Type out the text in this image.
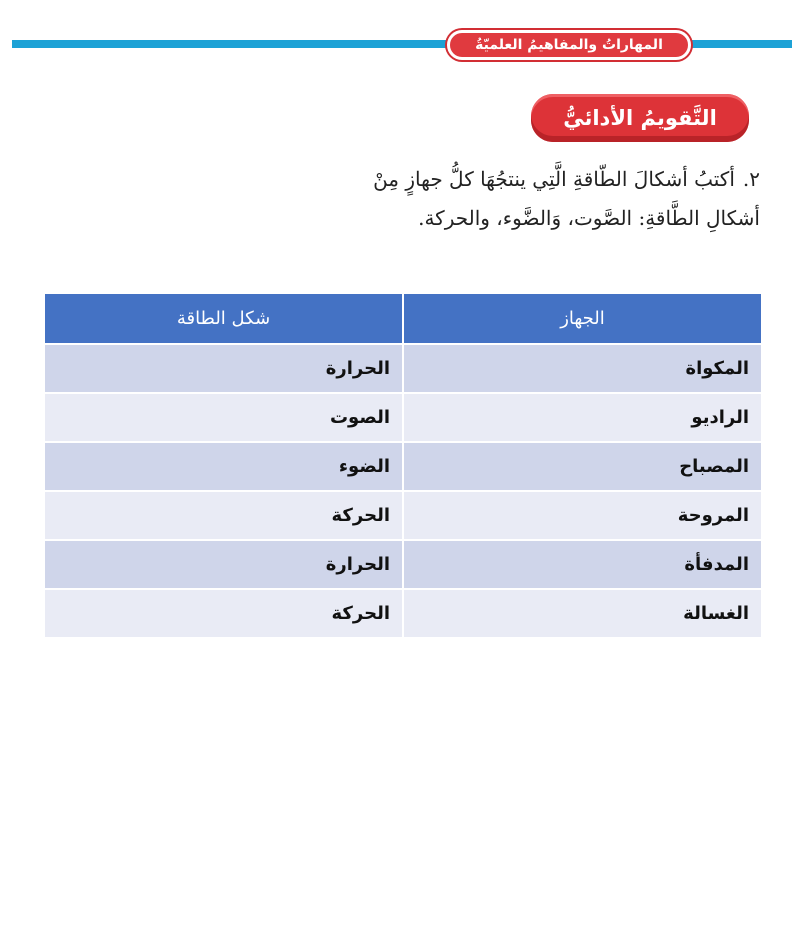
المهاراتُ والمفاهيمُ العلميّةُ
التَّقويمُ الأدائيُّ
٢.أكتبُ أشكالَ الطّاقةِ الَّتِي ينتجُهَا كلُّ جهازٍ مِنْ أشكالِ الطَّاقةِ: الصَّوت، وَالضَّوء، والحركة.
الجهاز	شكل الطاقة
المكواة	الحرارة
الراديو	الصوت
المصباح	الضوء
المروحة	الحركة
المدفأة	الحرارة
الغسالة	الحركة
